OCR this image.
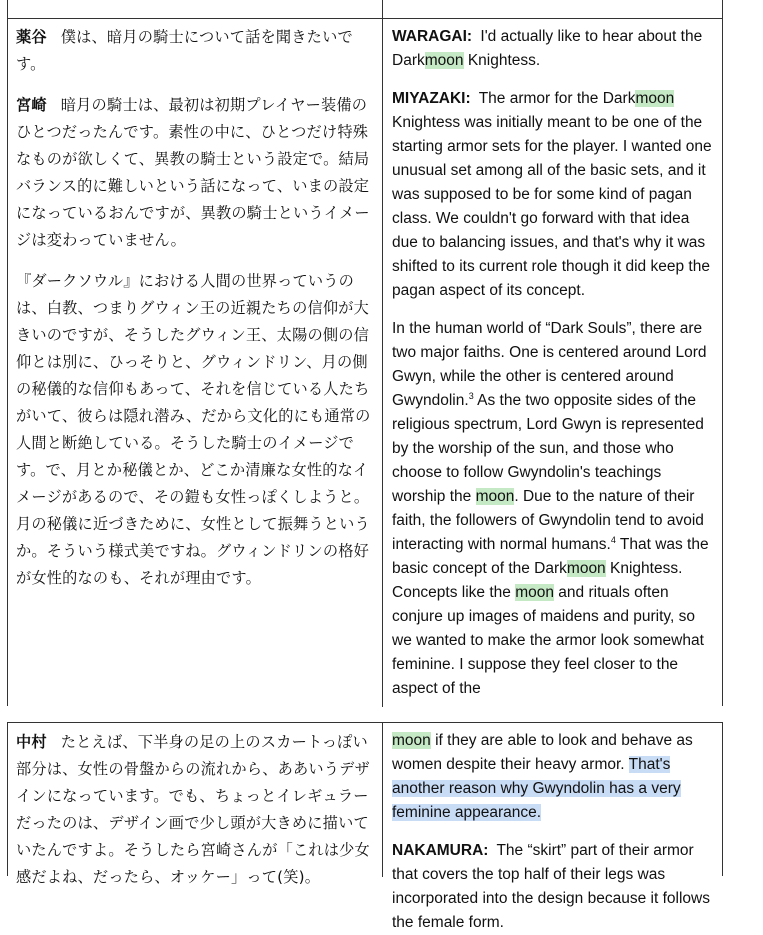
薬谷 僕は、暗月の騎士について話を聞きたいです。

宮崎 暗月の騎士は、最初は初期プレイヤー装備のひとつだったんです。素性の中に、ひとつだけ特殊なものが欲しくて、異教の騎士という設定で。結局バランス的に難しいという話になって、いまの設定になっているおんですが、異教の騎士というイメージは変わっていません。

『ダークソウル』における人間の世界っていうのは、白教、つまりグウィン王の近親たちの信仰が大きいのですが、そうしたグウィン王、太陽の側の信仰とは別に、ひっそりと、グウィンドリン、月の側の秘儀的な信仰もあって、それを信じている人たちがいて、彼らは隠れ潜み、だから文化的にも通常の人間と断絶している。そうした騎士のイメージです。で、月とか秘儀とか、どこか清廉な女性的なイメージがあるので、その鎧も女性っぽくしようと。月の秘儀に近づきために、女性として振舞うというか。そういう様式美ですね。グウィンドリンの格好が女性的なのも、それが理由です。

WARAGAI: I'd actually like to hear about the Darkmoon Knightess.

MIYAZAKI: The armor for the Darkmoon Knightess was initially meant to be one of the starting armor sets for the player. I wanted one unusual set among all of the basic sets, and it was supposed to be for some kind of pagan class. We couldn't go forward with that idea due to balancing issues, and that's why it was shifted to its current role though it did keep the pagan aspect of its concept.

In the human world of “Dark Souls”, there are two major faiths. One is centered around Lord Gwyn, while the other is centered around Gwyndolin.$^3$ As the two opposite sides of the religious spectrum, Lord Gwyn is represented by the worship of the sun, and those who choose to follow Gwyndolin's teachings worship the moon. Due to the nature of their faith, the followers of Gwyndolin tend to avoid interacting with normal humans.$^4$ That was the basic concept of the Darkmoon Knightess. Concepts like the moon and rituals often conjure up images of maidens and purity, so we wanted to make the armor look somewhat feminine. I suppose they feel closer to the aspect of the

中村 たとえば、下半身の足の上のスカートっぽい部分は、女性の骨盤からの流れから、ああいうデザインになっています。でも、ちょっとイレギュラーだったのは、デザイン画で少し頭が大きめに描いていたんですよ。そうしたら宮崎さんが「これは少女感だよね、だったら、オッケー」って(笑)。

moon if they are able to look and behave as women despite their heavy armor. That's another reason why Gwyndolin has a very feminine appearance.

NAKAMURA: The “skirt” part of their armor that covers the top half of their legs was incorporated into the design because it follows the female form.
